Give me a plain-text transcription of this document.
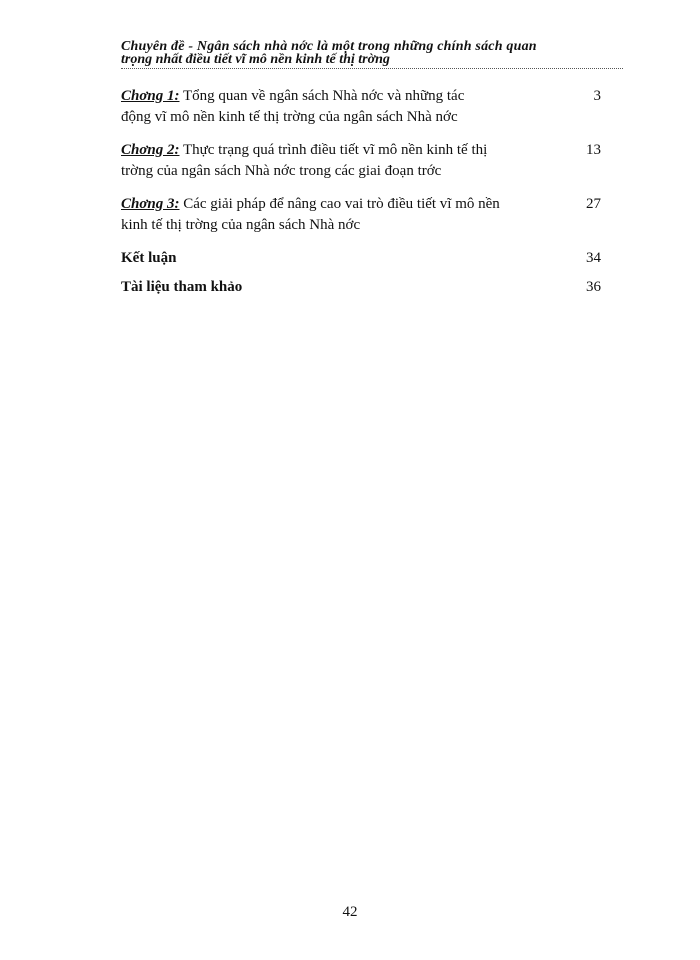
Chuyên đề - Ngân sách nhà nớc là một trong những chính sách quan
trọng nhất điều tiết vĩ mô nền kinh tế thị trờng
Chơng 1: Tổng quan về ngân sách Nhà nớc và những tác
động vĩ mô nền kinh tế thị trờng của ngân sách Nhà nớc
3
Chơng 2: Thực trạng quá trình điều tiết vĩ mô nền kinh tế thị
trờng của ngân sách Nhà nớc trong các giai đoạn trớc
13
Chơng 3: Các giải pháp để nâng cao vai trò điều tiết vĩ mô nền
kinh tế thị trờng của ngân sách Nhà nớc
27
Kết luận	34
Tài liệu tham khảo	36
42
